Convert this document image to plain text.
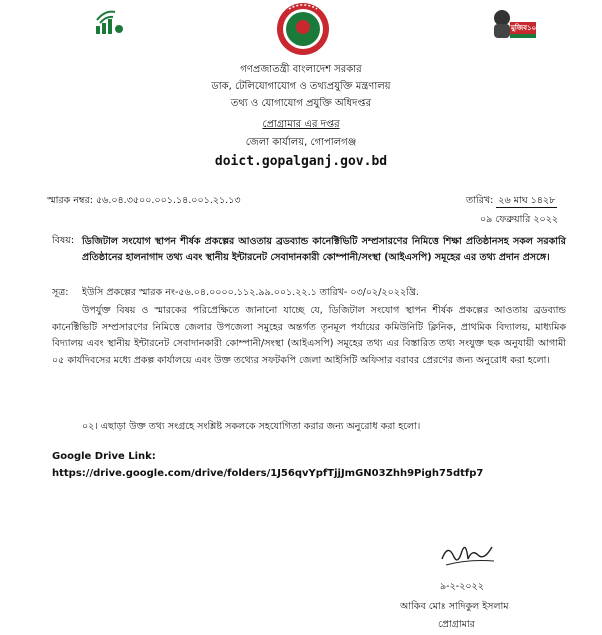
মুজিব১০০
গণপ্রজাতন্ত্রী বাংলাদেশ সরকার
ডাক, টেলিযোগাযোগ ও তথ্যপ্রযুক্তি মন্ত্রণালয়
তথ্য ও যোগাযোগ প্রযুক্তি অধিদপ্তর
প্রোগ্রামার এর দপ্তর
জেলা কার্যালয়, গোপালগঞ্জ
doict.gopalganj.gov.bd
স্মারক নম্বর: ৫৬.০৪.৩৫০০.০০১.১৪.০০১.২১.১৩	তারিখ: ২৬ মাঘ ১৪২৮
০৯ ফেব্রুয়ারি ২০২২
বিষয়: ডিজিটাল সংযোগ স্থাপন শীর্ষক প্রকল্পের আওতায় ব্রডব্যান্ড কানেক্টিভিটি সম্প্রসারণের নিমিত্তে শিক্ষা প্রতিষ্ঠানসহ সকল সরকারি প্রতিষ্ঠানের হালনাগাদ তথ্য এবং স্থানীয় ইন্টারনেট সেবাদানকারী কোম্পানী/সংস্থা (আইএসপি) সমূহের এর তথ্য প্রদান প্রসঙ্গে।
সূত্র: ইউসি প্রকল্পের স্মারক নং-৫৬.০৪.০০০০.১১২.৯৯.০০১.২২.১ তারিখ- ০৩/০২/২০২২খ্রি.
উপর্যুক্ত বিষয় ও স্মারকের পরিপ্রেক্ষিতে জানানো যাচ্ছে যে, ডিজিটাল সংযোগ স্থাপন শীর্ষক প্রকল্পের আওতায় ব্রডব্যান্ড কানেক্টিভিটি সম্প্রসারণের নিমিত্তে জেলার উপজেলা সমুহের অন্তর্গত তৃনমূল পর্যায়ের কমিউনিটি ক্লিনিক, প্রাথমিক বিদ্যালয়, মাধ্যমিক বিদ্যালয় এবং স্থানীয় ইন্টারনেট সেবাদানকারী কোম্পানী/সংস্থা (আইএসপি) সমূহের তথ্য এর বিস্তারিত তথ্য সংযুক্ত ছক অনুযায়ী আগামী ০৫ কার্যদিবসের মধ্যে প্রকল্প কার্যালয়ে এবং উক্ত তথ্যের সফটকপি জেলা আইসিটি অফিসার বরাবর প্রেরণের জন্য অনুরোধ করা হলো।
০২। এছাড়া উক্ত তথ্য সংগ্রহে সংশ্লিষ্ট সকলকে সহযোগিতা করার জন্য অনুরোধ করা হলো।
Google Drive Link:
https://drive.google.com/drive/folders/1J56qvYpfTjjJmGN03Zhh9Pigh75dtfp7
৯-২-২০২২
আকিব মোঃ সাদিকুল ইসলাম
প্রোগ্রামার
